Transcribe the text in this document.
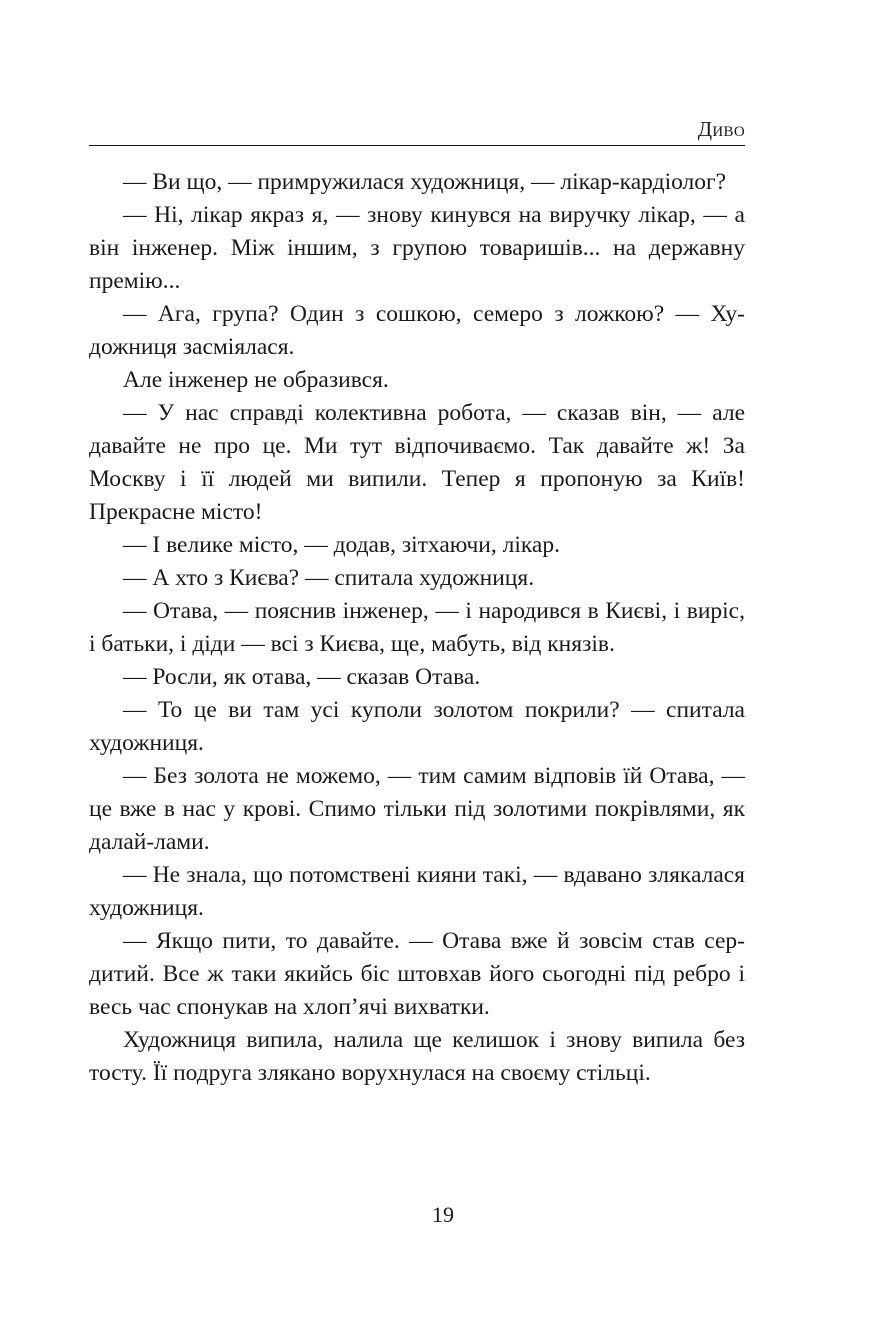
Диво

— Ви що, — примружилася художниця, — лікар-кардіолог?

— Ні, лікар якраз я, — знову кинувся на виручку лікар, — а він інженер. Між іншим, з групою товаришів... на державну премію...

— Ага, група? Один з сошкою, семеро з ложкою? — Художниця засміялася.

Але інженер не образився.

— У нас справді колективна робота, — сказав він, — але давайте не про це. Ми тут відпочиваємо. Так давайте ж! За Москву і її людей ми випили. Тепер я пропоную за Київ! Прекрасне місто!

— І велике місто, — додав, зітхаючи, лікар.

— А хто з Києва? — спитала художниця.

— Отава, — пояснив інженер, — і народився в Києві, і виріс, і батьки, і діди — всі з Києва, ще, мабуть, від князів.

— Росли, як отава, — сказав Отава.

— То це ви там усі куполи золотом покрили? — спитала художниця.

— Без золота не можемо, — тим самим відповів їй Отава, — це вже в нас у крові. Спимо тільки під золотими покрівлями, як далай-лами.

— Не знала, що потомствені кияни такі, — вдавано злякалася художниця.

— Якщо пити, то давайте. — Отава вже й зовсім став сердитий. Все ж таки якийсь біс штовхав його сьогодні під ребро і весь час спонукав на хлоп’ячі вихватки.

Художниця випила, налила ще келишок і знову випила без тосту. Її подруга злякано ворухнулася на своєму стільці.

19
